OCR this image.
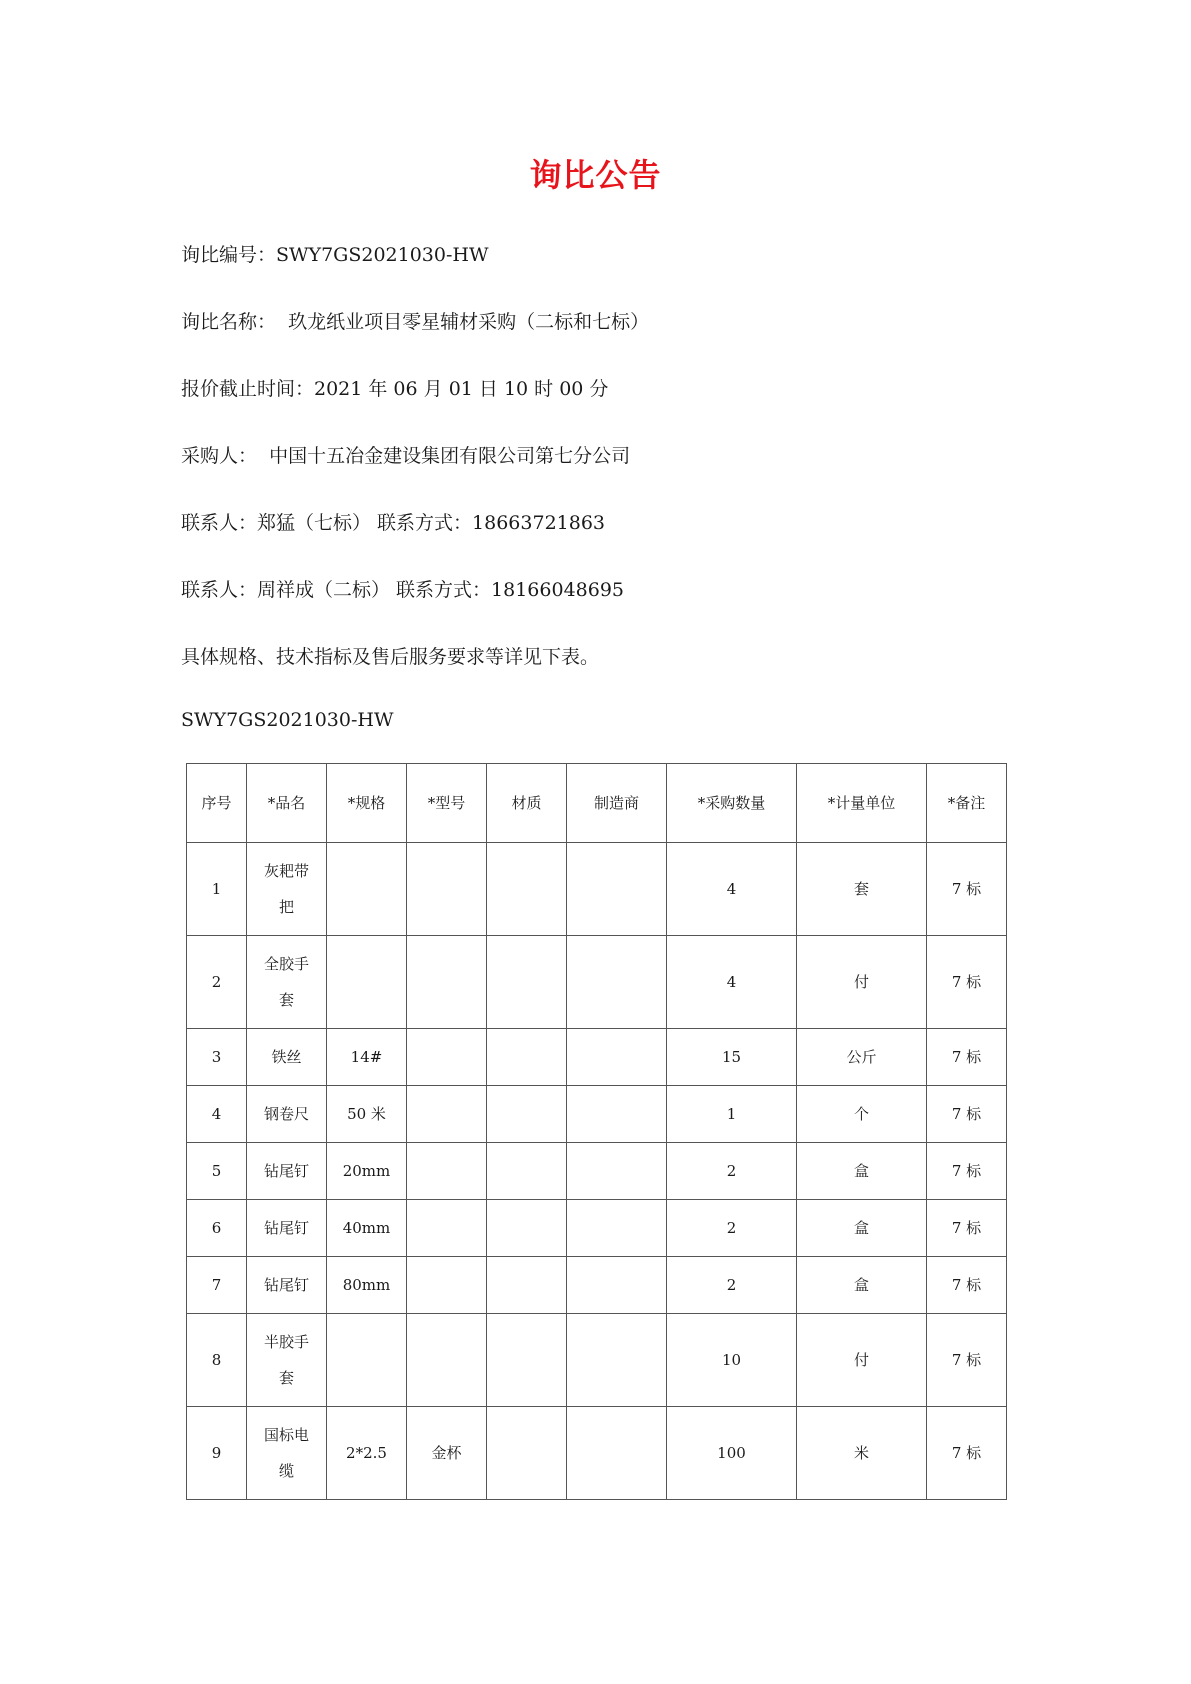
询比公告
询比编号：SWY7GS2021030-HW
询比名称：  玖龙纸业项目零星辅材采购（二标和七标）
报价截止时间：2021 年 06 月 01 日 10 时 00 分
采购人：  中国十五冶金建设集团有限公司第七分公司
联系人：郑猛（七标） 联系方式：18663721863
联系人：周祥成（二标） 联系方式：18166048695
具体规格、技术指标及售后服务要求等详见下表。
SWY7GS2021030-HW
序号	*品名	*规格	*型号	材质	制造商	*采购数量	*计量单位	*备注
1	灰耙带把					4	套	7 标
2	全胶手套					4	付	7 标
3	铁丝	14#				15	公斤	7 标
4	钢卷尺	50 米				1	个	7 标
5	钻尾钉	20mm				2	盒	7 标
6	钻尾钉	40mm				2	盒	7 标
7	钻尾钉	80mm				2	盒	7 标
8	半胶手套					10	付	7 标
9	国标电缆	2*2.5	金杯			100	米	7 标
